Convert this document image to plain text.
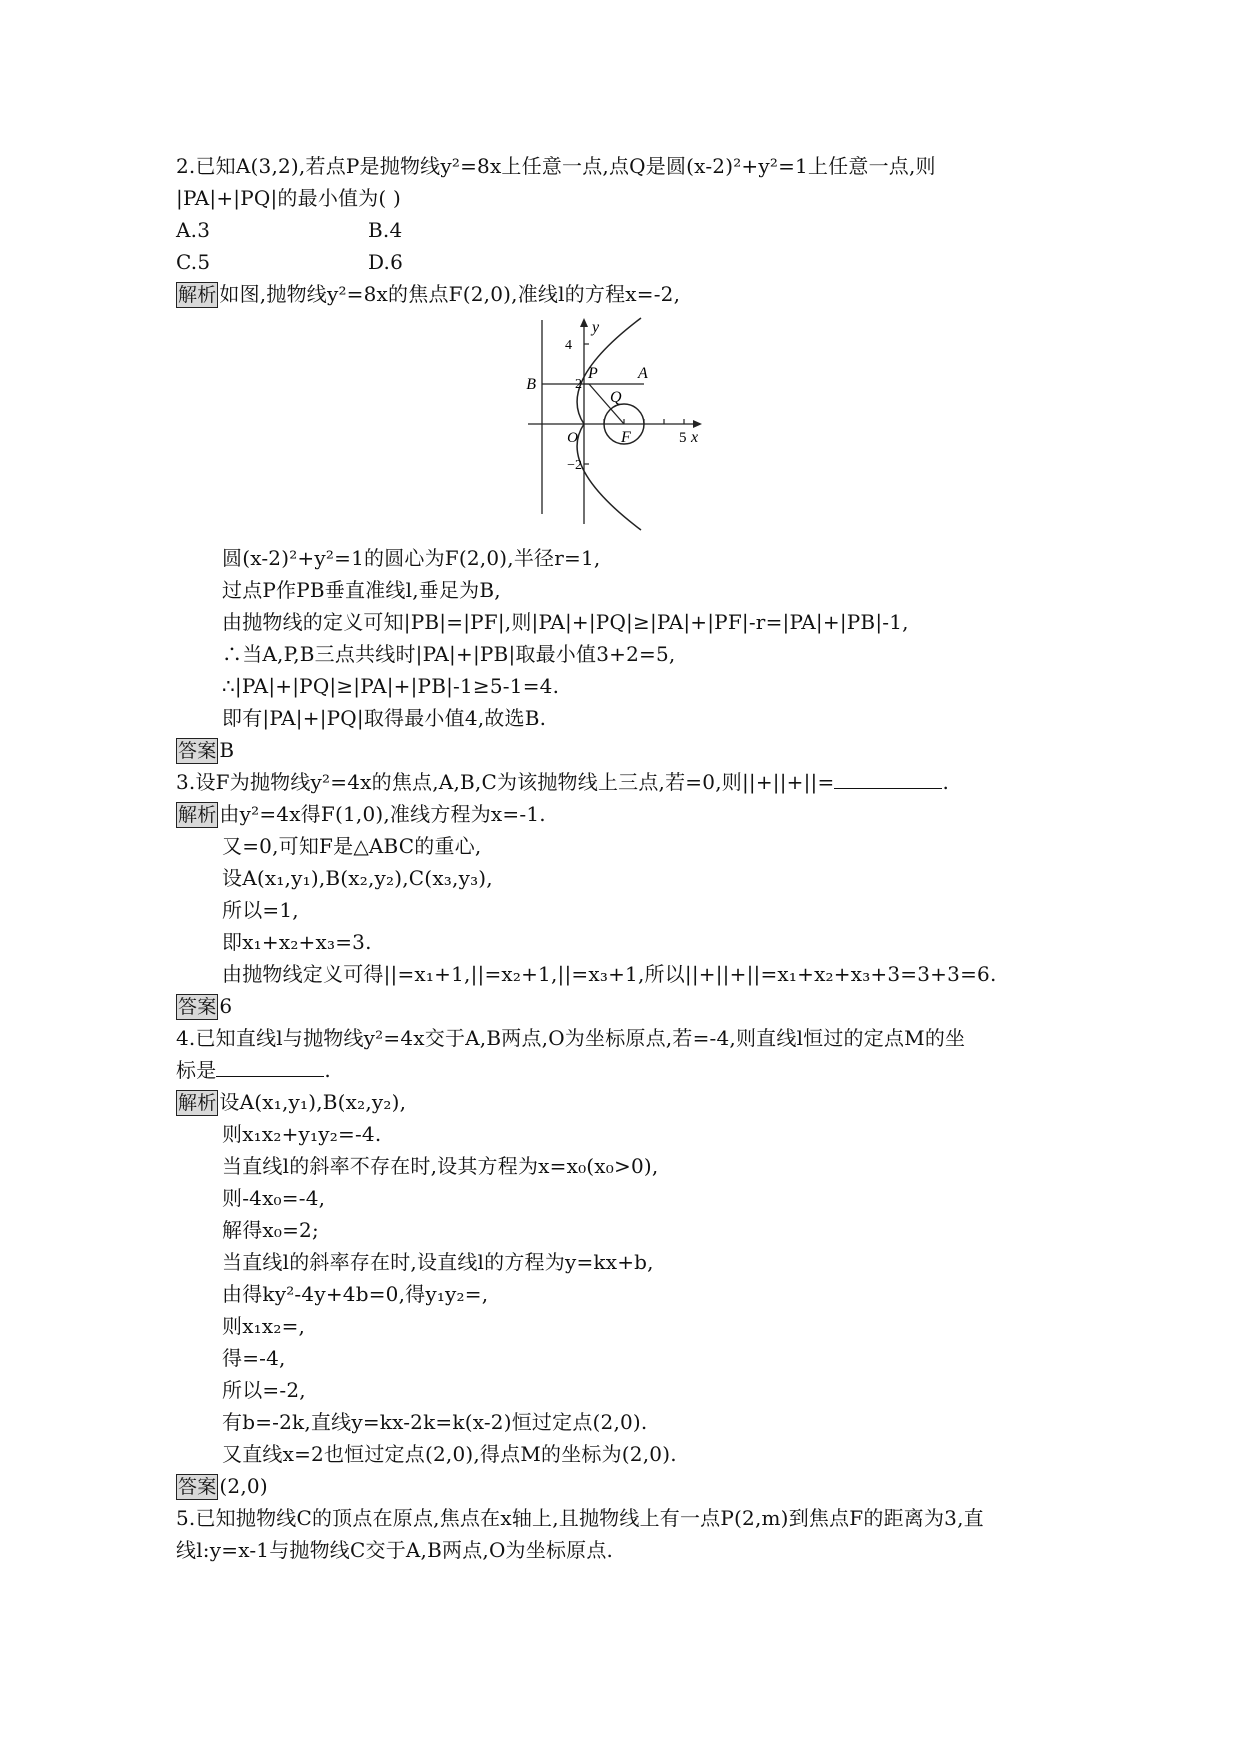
2.已知A(3,2),若点P是抛物线y²=8x上任意一点,点Q是圆(x-2)²+y²=1上任意一点,则
|PA|+|PQ|的最小值为( )
A.3	B.4
C.5	D.6
解析 如图,抛物线y²=8x的焦点F(2,0),准线l的方程x=-2,
y
4
2
−2
O	5 x
B
P	A
Q
F
圆(x-2)²+y²=1的圆心为F(2,0),半径r=1,
过点P作PB垂直准线l,垂足为B,
由抛物线的定义可知|PB|=|PF|,则|PA|+|PQ|≥|PA|+|PF|-r=|PA|+|PB|-1,
∴当A,P,B三点共线时|PA|+|PB|取最小值3+2=5,
∴|PA|+|PQ|≥|PA|+|PB|-1≥5-1=4.
即有|PA|+|PQ|取得最小值4,故选B.
答案 B
3.设F为抛物线y²=4x的焦点,A,B,C为该抛物线上三点,若=0,则||+||+||=	.
解析 由y²=4x得F(1,0),准线方程为x=-1.
又=0,可知F是△ABC的重心,
设A(x₁,y₁),B(x₂,y₂),C(x₃,y₃),
所以=1,
即x₁+x₂+x₃=3.
由抛物线定义可得||=x₁+1,||=x₂+1,||=x₃+1,所以||+||+||=x₁+x₂+x₃+3=3+3=6.
答案 6
4.已知直线l与抛物线y²=4x交于A,B两点,O为坐标原点,若=-4,则直线l恒过的定点M的坐
标是	.
解析 设A(x₁,y₁),B(x₂,y₂),
则x₁x₂+y₁y₂=-4.
当直线l的斜率不存在时,设其方程为x=x₀(x₀>0),
则-4x₀=-4,
解得x₀=2;
当直线l的斜率存在时,设直线l的方程为y=kx+b,
由得ky²-4y+4b=0,得y₁y₂=,
则x₁x₂=,
得=-4,
所以=-2,
有b=-2k,直线y=kx-2k=k(x-2)恒过定点(2,0).
又直线x=2也恒过定点(2,0),得点M的坐标为(2,0).
答案 (2,0)
5.已知抛物线C的顶点在原点,焦点在x轴上,且抛物线上有一点P(2,m)到焦点F的距离为3,直
线l:y=x-1与抛物线C交于A,B两点,O为坐标原点.
